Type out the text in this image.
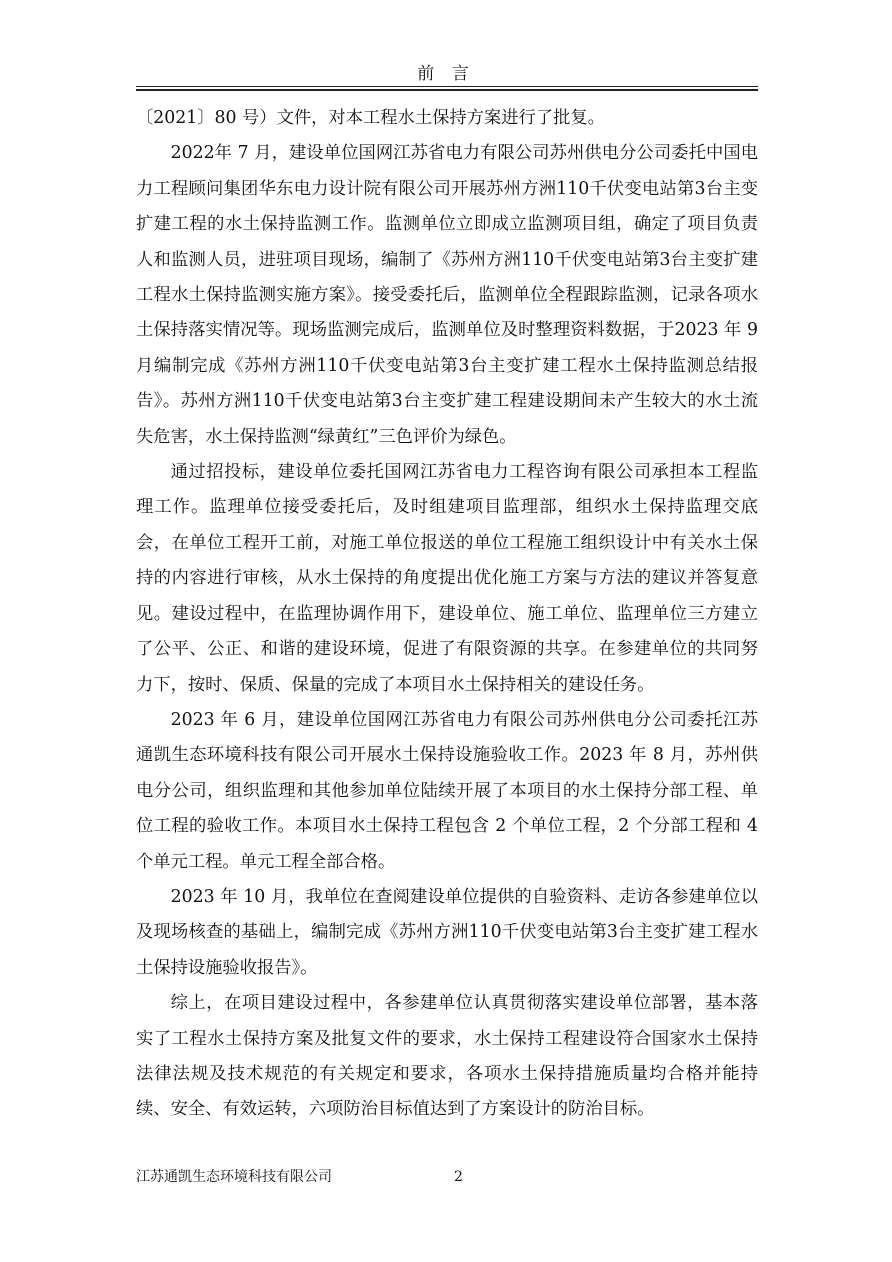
前 言

〔2021〕80 号）文件，对本工程水土保持方案进行了批复。

2022年 7 月，建设单位国网江苏省电力有限公司苏州供电分公司委托中国电力工程顾问集团华东电力设计院有限公司开展苏州方洲110千伏变电站第3台主变扩建工程的水土保持监测工作。监测单位立即成立监测项目组，确定了项目负责人和监测人员，进驻项目现场，编制了《苏州方洲110千伏变电站第3台主变扩建工程水土保持监测实施方案》。接受委托后，监测单位全程跟踪监测，记录各项水土保持落实情况等。现场监测完成后，监测单位及时整理资料数据，于2023 年 9 月编制完成《苏州方洲110千伏变电站第3台主变扩建工程水土保持监测总结报告》。苏州方洲110千伏变电站第3台主变扩建工程建设期间未产生较大的水土流失危害，水土保持监测“绿黄红”三色评价为绿色。

通过招投标，建设单位委托国网江苏省电力工程咨询有限公司承担本工程监理工作。监理单位接受委托后，及时组建项目监理部，组织水土保持监理交底会，在单位工程开工前，对施工单位报送的单位工程施工组织设计中有关水土保持的内容进行审核，从水土保持的角度提出优化施工方案与方法的建议并答复意见。建设过程中，在监理协调作用下，建设单位、施工单位、监理单位三方建立了公平、公正、和谐的建设环境，促进了有限资源的共享。在参建单位的共同努力下，按时、保质、保量的完成了本项目水土保持相关的建设任务。

2023 年 6 月，建设单位国网江苏省电力有限公司苏州供电分公司委托江苏通凯生态环境科技有限公司开展水土保持设施验收工作。2023 年 8 月，苏州供电分公司，组织监理和其他参加单位陆续开展了本项目的水土保持分部工程、单位工程的验收工作。本项目水土保持工程包含 2 个单位工程，2 个分部工程和 4个单元工程。单元工程全部合格。

2023 年 10 月，我单位在查阅建设单位提供的自验资料、走访各参建单位以及现场核查的基础上，编制完成《苏州方洲110千伏变电站第3台主变扩建工程水土保持设施验收报告》。

综上，在项目建设过程中，各参建单位认真贯彻落实建设单位部署，基本落实了工程水土保持方案及批复文件的要求，水土保持工程建设符合国家水土保持法律法规及技术规范的有关规定和要求，各项水土保持措施质量均合格并能持续、安全、有效运转，六项防治目标值达到了方案设计的防治目标。

江苏通凯生态环境科技有限公司	2
